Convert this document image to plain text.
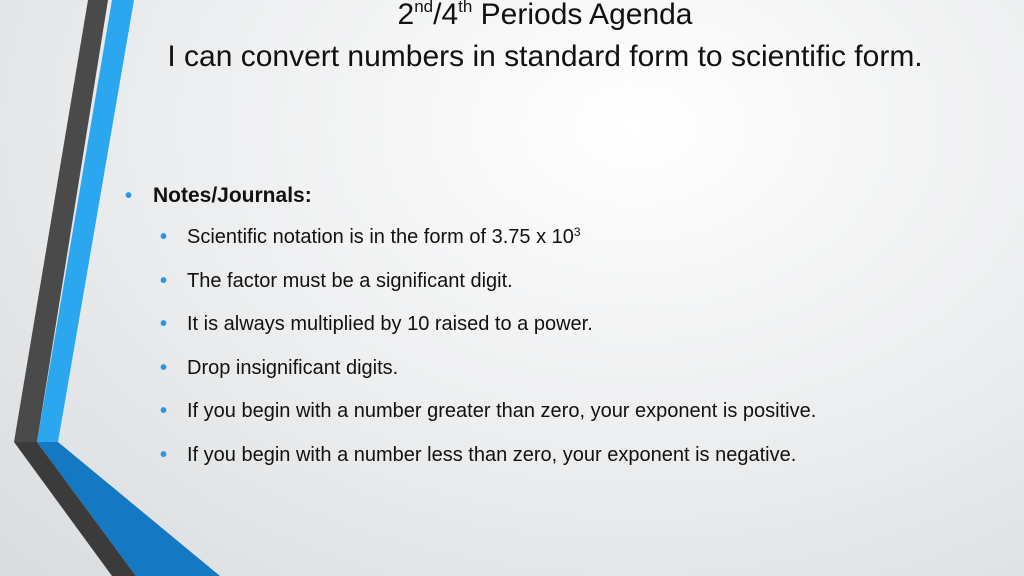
2nd/4th Periods Agenda
I can convert numbers in standard form to scientific form.
• Notes/Journals:
• Scientific notation is in the form of 3.75 x $10^3$
• The factor must be a significant digit.
• It is always multiplied by 10 raised to a power.
• Drop insignificant digits.
• If you begin with a number greater than zero, your exponent is positive.
• If you begin with a number less than zero, your exponent is negative.
